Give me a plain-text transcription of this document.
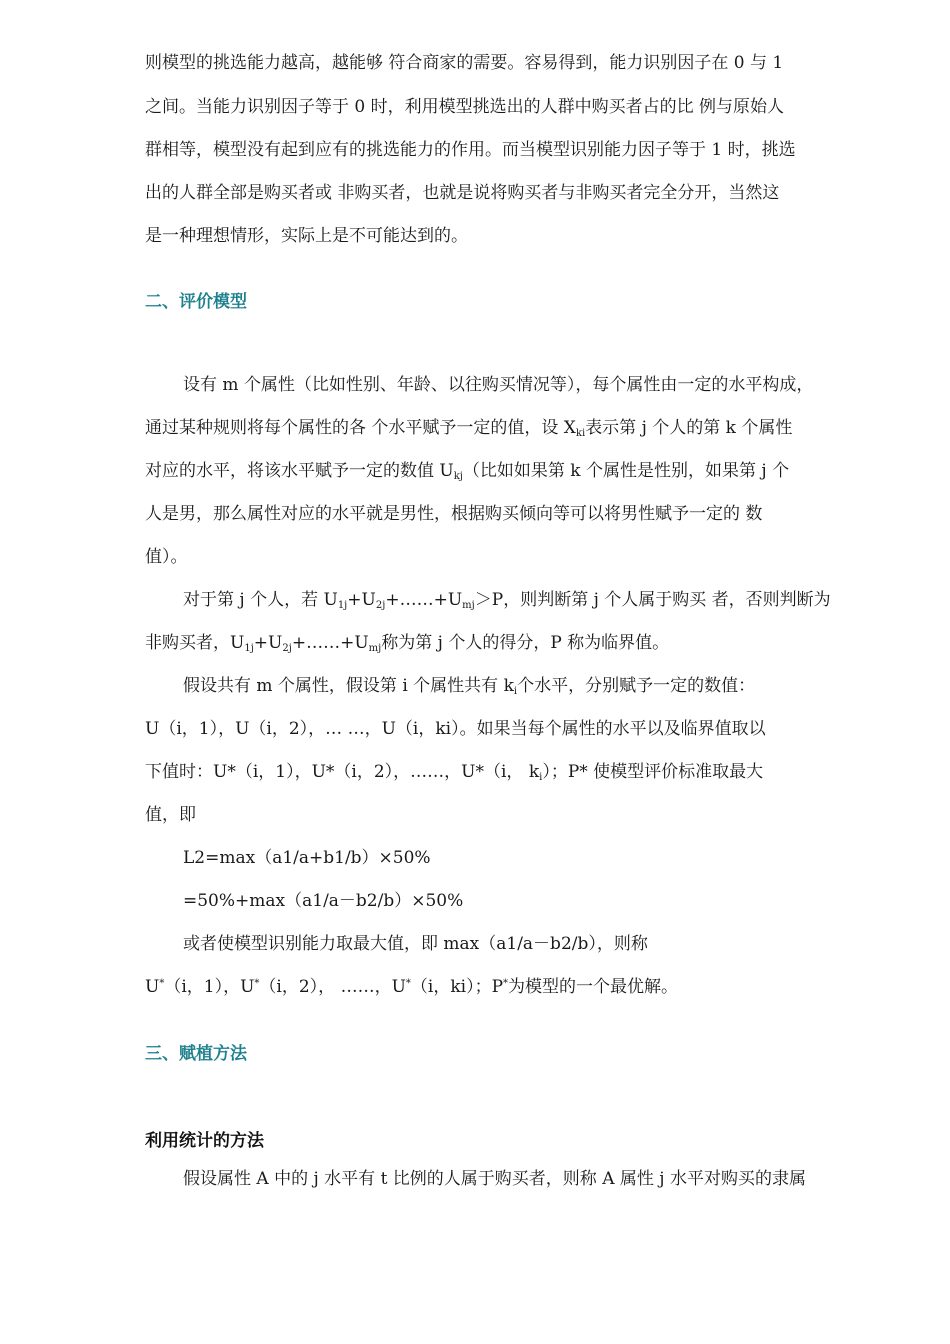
则模型的挑选能力越高，越能够 符合商家的需要。容易得到，能力识别因子在 0 与 1
之间。当能力识别因子等于 0 时，利用模型挑选出的人群中购买者占的比 例与原始人
群相等，模型没有起到应有的挑选能力的作用。而当模型识别能力因子等于 1 时，挑选
出的人群全部是购买者或 非购买者，也就是说将购买者与非购买者完全分开，当然这
是一种理想情形，实际上是不可能达到的。
二、评价模型
设有 m 个属性（比如性别、年龄、以往购买情况等），每个属性由一定的水平构成，
通过某种规则将每个属性的各 个水平赋予一定的值，设 $X_{ki}$表示第 j 个人的第 k 个属性
对应的水平，将该水平赋予一定的数值 $U_{kj}$（比如如果第 k 个属性是性别，如果第 j 个
人是男，那么属性对应的水平就是男性，根据购买倾向等可以将男性赋予一定的 数
值）。
对于第 j 个人，若 $U_{1j}+U_{2j}+\dots\dots+U_{mj}>P$，则判断第 j 个人属于购买 者，否则判断为
非购买者，$U_{1j}+U_{2j}+\dots\dots+U_{mj}$称为第 j 个人的得分，P 称为临界值。
假设共有 m 个属性，假设第 i 个属性共有 $k_i$个水平，分别赋予一定的数值：
U（i，1），U（i，2），… …，U（i，ki）。如果当每个属性的水平以及临界值取以
下值时：U*（i，1），U*（i，2），……，U*（i， $k_i$）；P* 使模型评价标准取最大
值，即
L2=max（a1/a+b1/b）×50%
=50%+max（a1/a－b2/b）×50%
或者使模型识别能力取最大值，即 max（a1/a－b2/b），则称
U*（i，1），U*（i，2）， ……，U*（i，ki）；P*为模型的一个最优解。
三、赋植方法
利用统计的方法
假设属性 A 中的 j 水平有 t 比例的人属于购买者，则称 A 属性 j 水平对购买的隶属
